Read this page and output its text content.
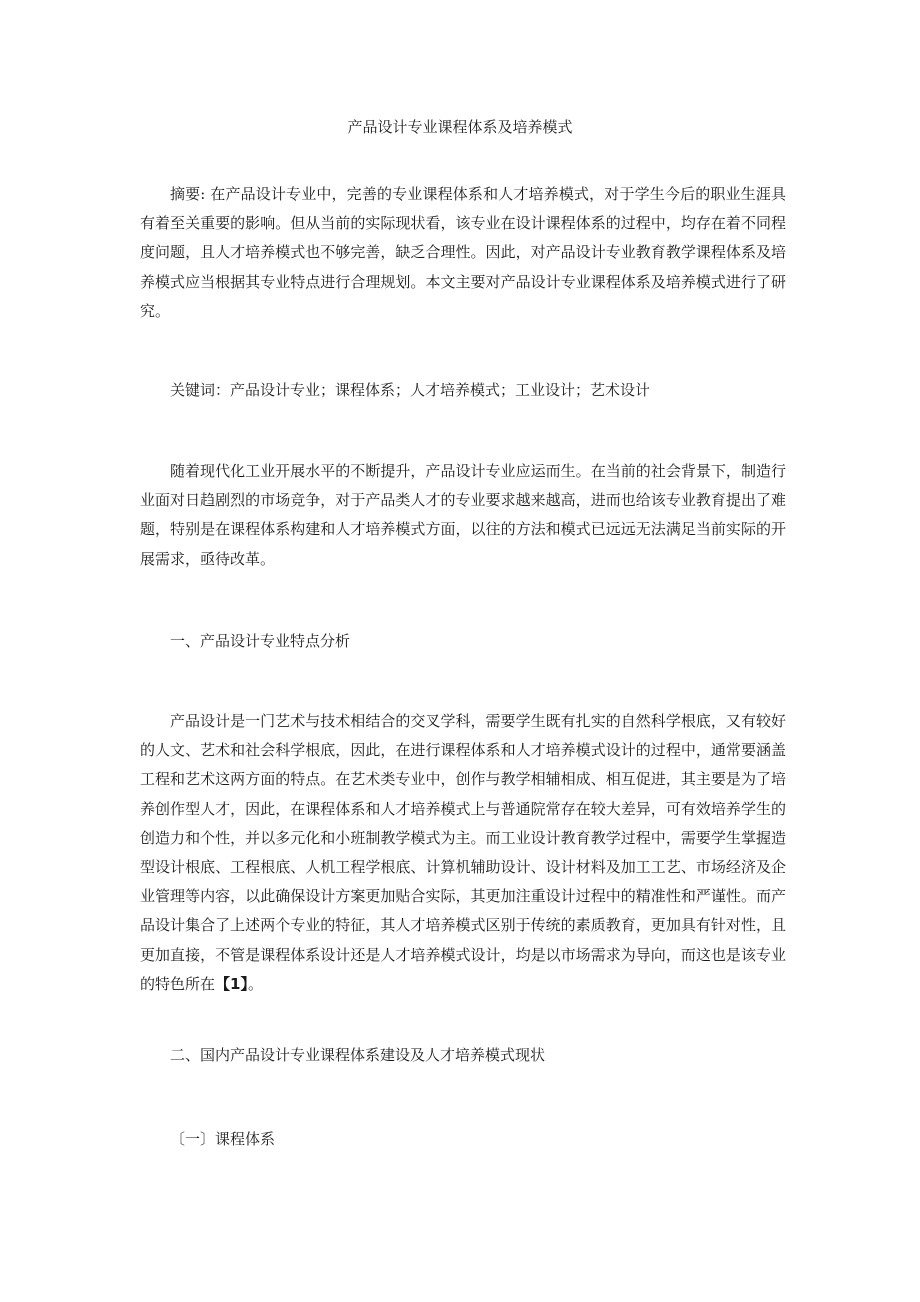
产品设计专业课程体系及培养模式

摘要: 在产品设计专业中，完善的专业课程体系和人才培养模式，对于学生今后的职业生涯具有着至关重要的影响。但从当前的实际现状看，该专业在设计课程体系的过程中，均存在着不同程度问题，且人才培养模式也不够完善，缺乏合理性。因此，对产品设计专业教育教学课程体系及培养模式应当根据其专业特点进行合理规划。本文主要对产品设计专业课程体系及培养模式进行了研究。

关键词：产品设计专业；课程体系；人才培养模式；工业设计；艺术设计

随着现代化工业开展水平的不断提升，产品设计专业应运而生。在当前的社会背景下，制造行业面对日趋剧烈的市场竞争，对于产品类人才的专业要求越来越高，进而也给该专业教育提出了难题，特别是在课程体系构建和人才培养模式方面，以往的方法和模式已远远无法满足当前实际的开展需求，亟待改革。

一、产品设计专业特点分析

产品设计是一门艺术与技术相结合的交叉学科，需要学生既有扎实的自然科学根底，又有较好的人文、艺术和社会科学根底，因此，在进行课程体系和人才培养模式设计的过程中，通常要涵盖工程和艺术这两方面的特点。在艺术类专业中，创作与教学相辅相成、相互促进，其主要是为了培养创作型人才，因此，在课程体系和人才培养模式上与普通院常存在较大差异，可有效培养学生的创造力和个性，并以多元化和小班制教学模式为主。而工业设计教育教学过程中，需要学生掌握造型设计根底、工程根底、人机工程学根底、计算机辅助设计、设计材料及加工工艺、市场经济及企业管理等内容，以此确保设计方案更加贴合实际，其更加注重设计过程中的精准性和严谨性。而产品设计集合了上述两个专业的特征，其人才培养模式区别于传统的素质教育，更加具有针对性，且更加直接，不管是课程体系设计还是人才培养模式设计，均是以市场需求为导向，而这也是该专业的特色所在【1】。

二、国内产品设计专业课程体系建设及人才培养模式现状

〔一〕课程体系
